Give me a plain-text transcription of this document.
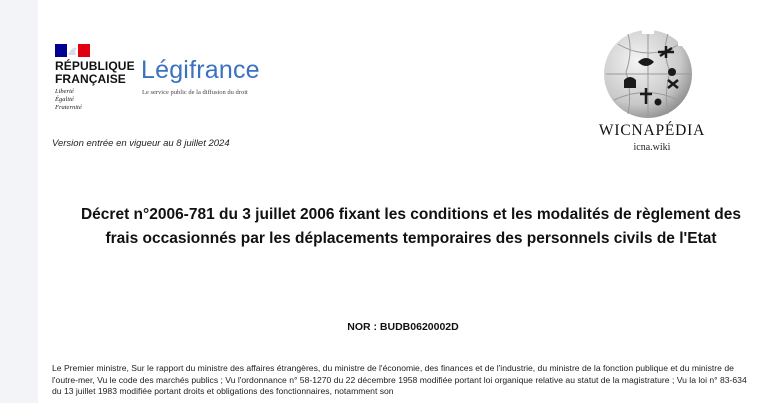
RÉPUBLIQUE
FRANÇAISE
Liberté
Égalité
Fraternité
Légifrance
Le service public de la diffusion du droit
Version entrée en vigueur au 8 juillet 2024
WICNAPÉDIA
icna.wiki
Décret n°2006-781 du 3 juillet 2006 fixant les conditions et les modalités de règlement des frais occasionnés par les déplacements temporaires des personnels civils de l'Etat
NOR : BUDB0620002D
Le Premier ministre, Sur le rapport du ministre des affaires étrangères, du ministre de l'économie, des finances et de l'industrie, du ministre de la fonction publique et du ministre de l'outre-mer, Vu le code des marchés publics ; Vu l'ordonnance n° 58-1270 du 22 décembre 1958 modifiée portant loi organique relative au statut de la magistrature ; Vu la loi n° 83-634 du 13 juillet 1983 modifiée portant droits et obligations des fonctionnaires, notamment son
